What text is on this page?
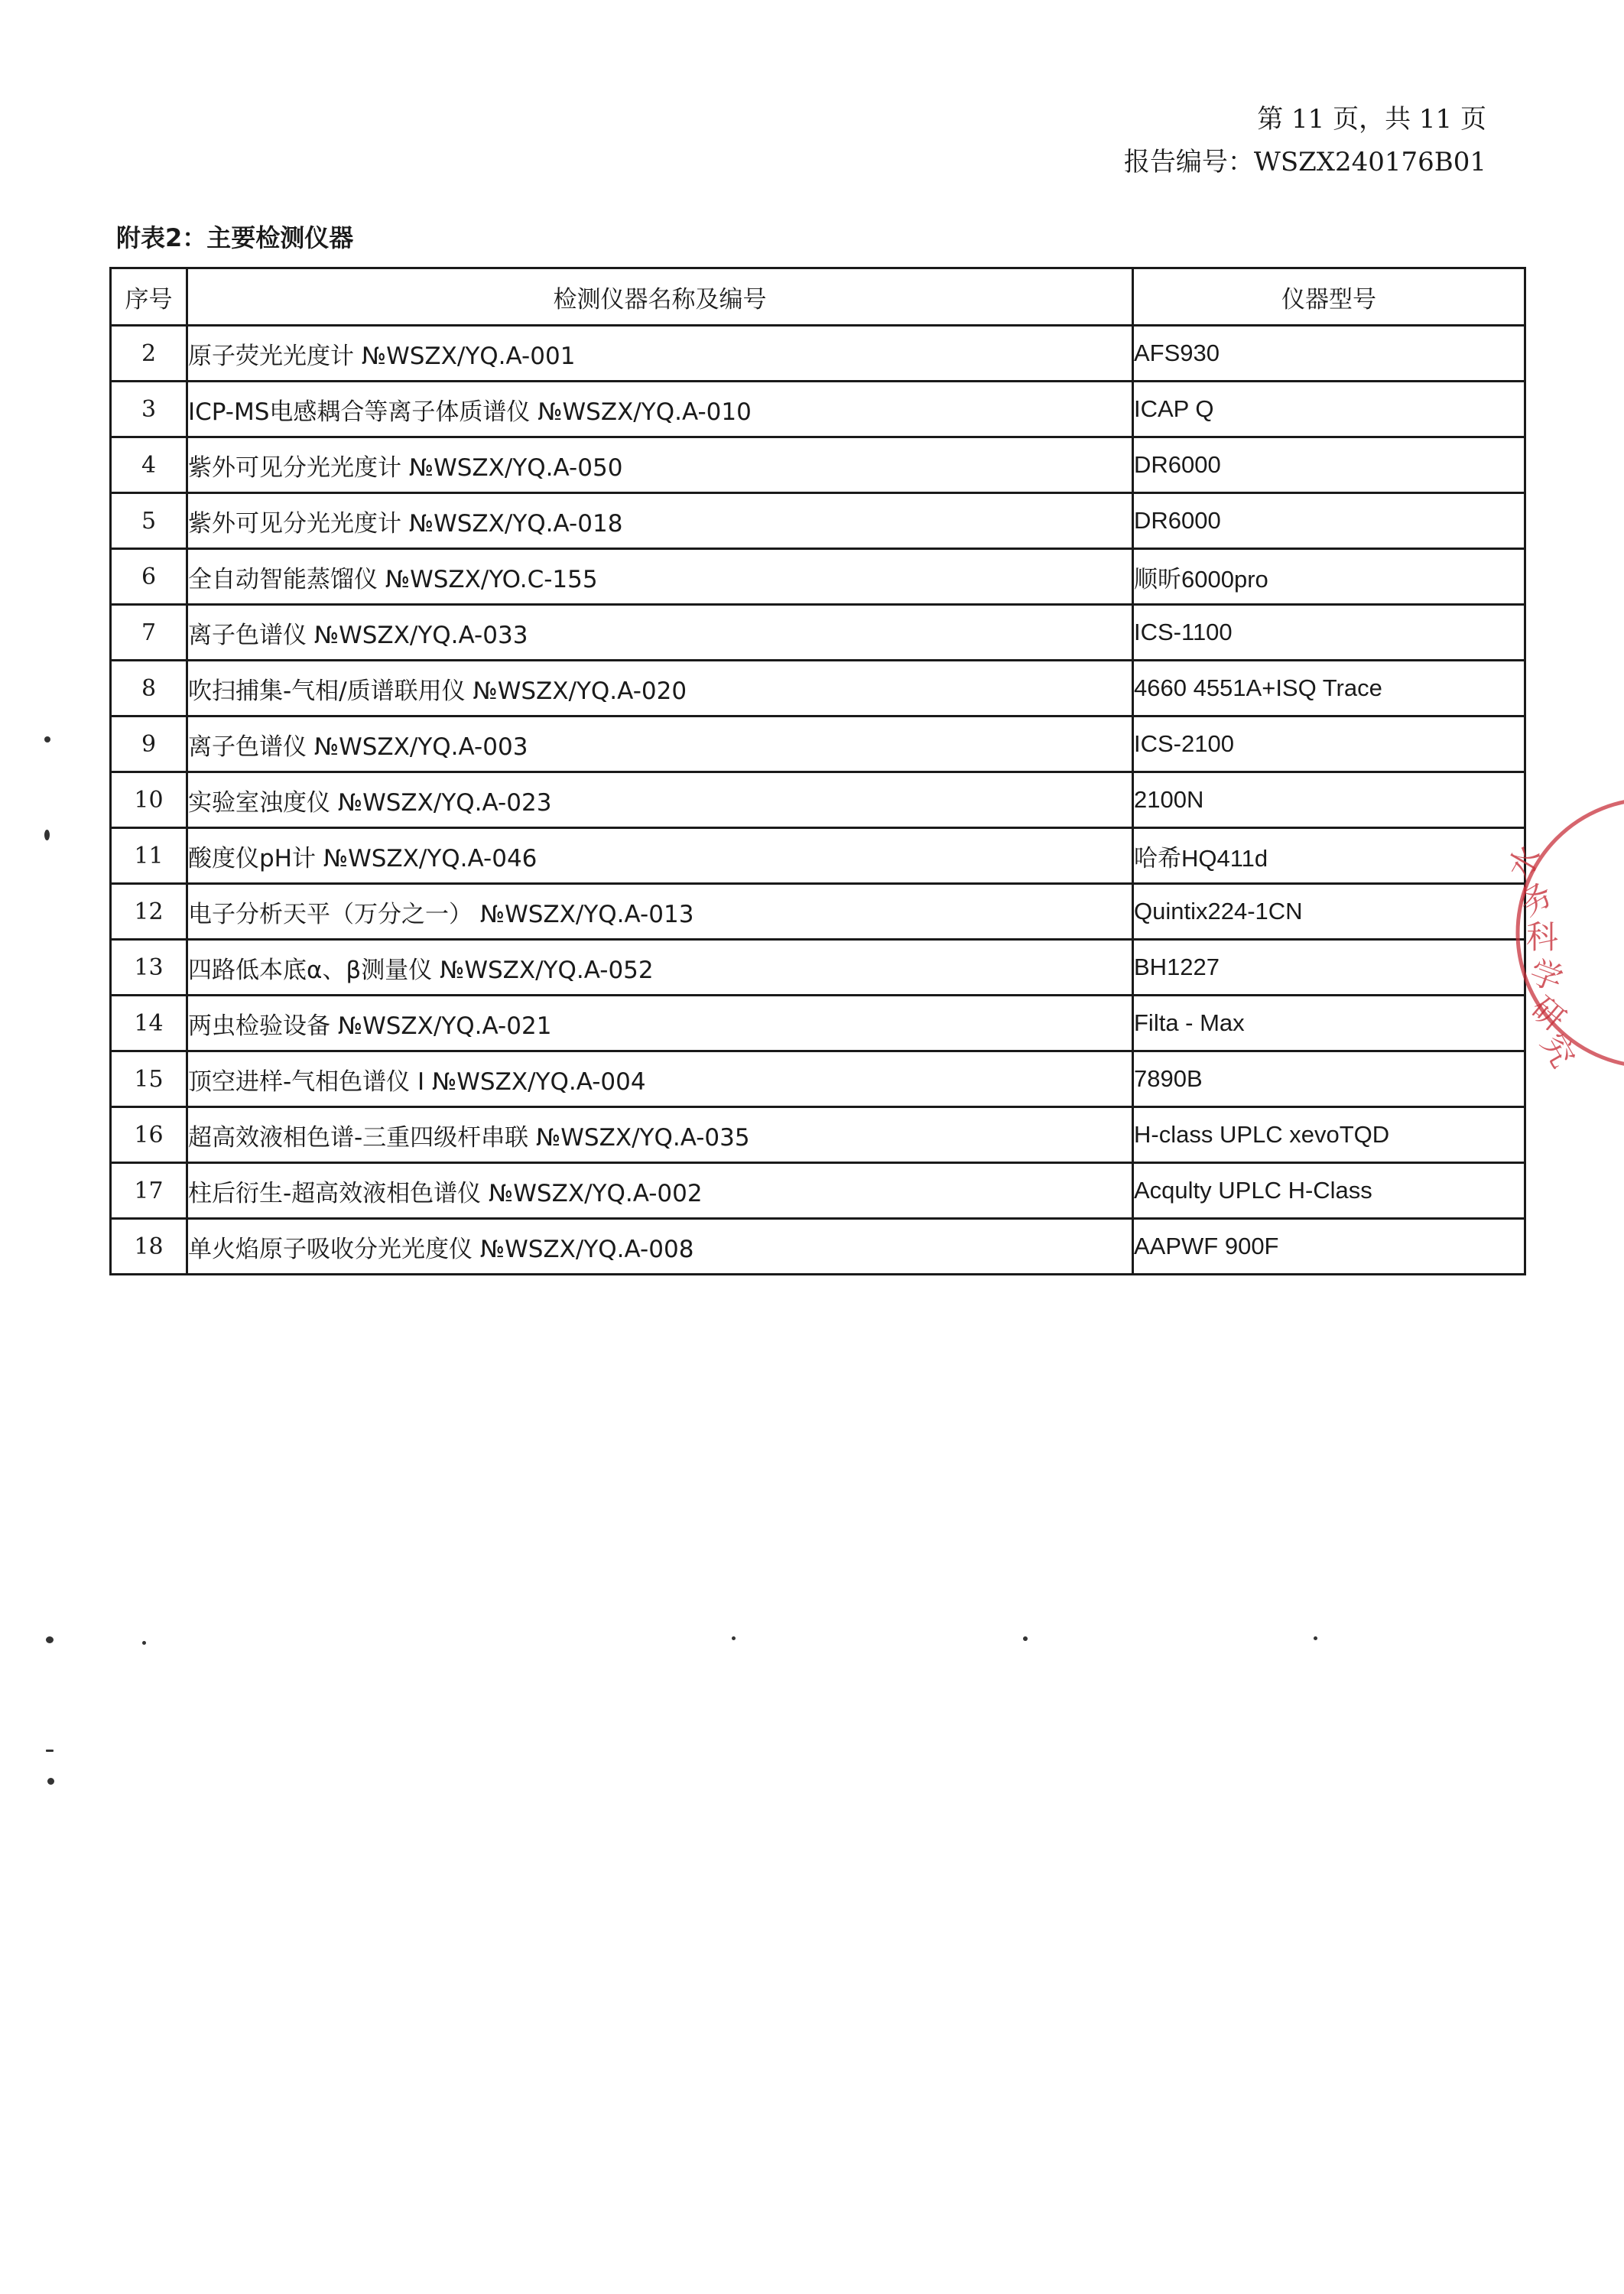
第 11 页，共 11 页
报告编号：WSZX240176B01
附表2：主要检测仪器
序号	检测仪器名称及编号	仪器型号
2	原子荧光光度计 №WSZX/YQ.A-001	AFS930
3	ICP-MS电感耦合等离子体质谱仪 №WSZX/YQ.A-010	ICAP Q
4	紫外可见分光光度计 №WSZX/YQ.A-050	DR6000
5	紫外可见分光光度计 №WSZX/YQ.A-018	DR6000
6	全自动智能蒸馏仪 №WSZX/YO.C-155	顺昕6000pro
7	离子色谱仪 №WSZX/YQ.A-033	ICS-1100
8	吹扫捕集-气相/质谱联用仪 №WSZX/YQ.A-020	4660 4551A+ISQ Trace
9	离子色谱仪 №WSZX/YQ.A-003	ICS-2100
10	实验室浊度仪 №WSZX/YQ.A-023	2100N
11	酸度仪pH计 №WSZX/YQ.A-046	哈希HQ411d
12	电子分析天平（万分之一） №WSZX/YQ.A-013	Quintix224-1CN
13	四路低本底α、β测量仪 №WSZX/YQ.A-052	BH1227
14	两虫检验设备 №WSZX/YQ.A-021	Filta - Max
15	顶空进样-气相色谱仪 I №WSZX/YQ.A-004	7890B
16	超高效液相色谱-三重四级杆串联 №WSZX/YQ.A-035	H-class UPLC xevoTQD
17	柱后衍生-超高效液相色谱仪 №WSZX/YQ.A-002	Acqulty UPLC H-Class
18	单火焰原子吸收分光光度仪 №WSZX/YQ.A-008	AAPWF 900F
水
务
科
学
研
究
